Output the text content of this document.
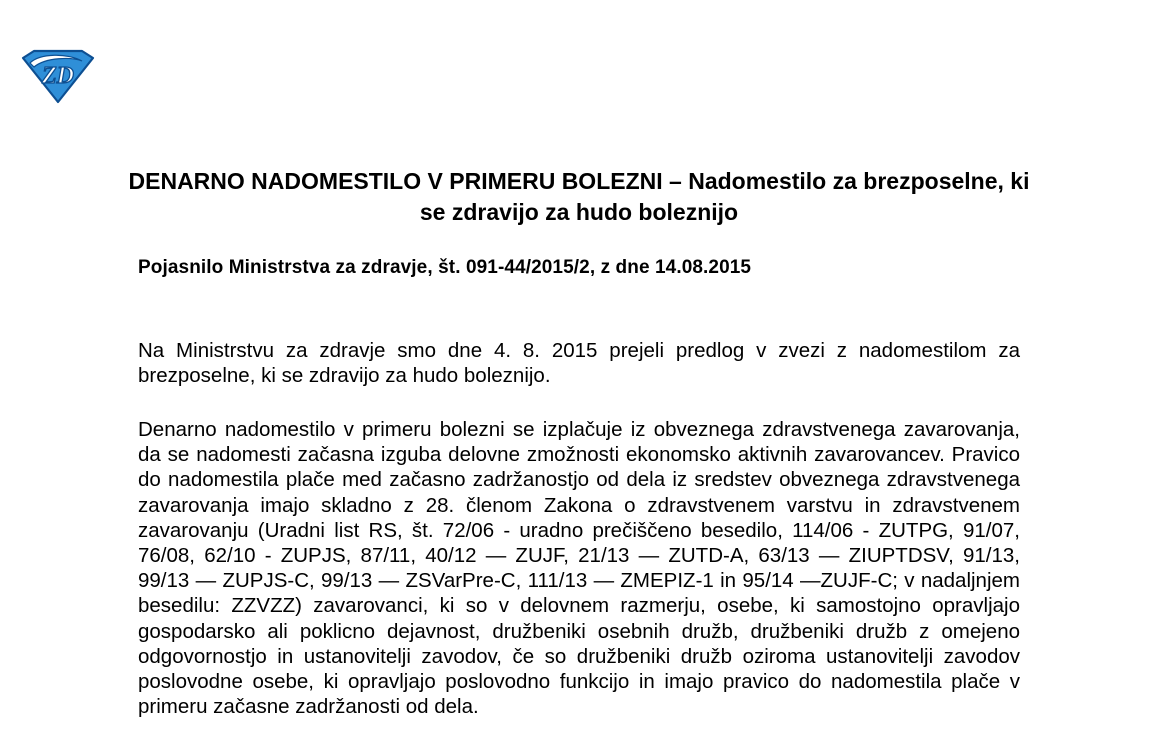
ZD
DENARNO NADOMESTILO V PRIMERU BOLEZNI – Nadomestilo za brezposelne, ki se zdravijo za hudo boleznijo

Pojasnilo Ministrstva za zdravje, št. 091-44/2015/2, z dne 14.08.2015

Na Ministrstvu za zdravje smo dne 4. 8. 2015 prejeli predlog v zvezi z nadomestilom za brezposelne, ki se zdravijo za hudo boleznijo.

Denarno nadomestilo v primeru bolezni se izplačuje iz obveznega zdravstvenega zavarovanja, da se nadomesti začasna izguba delovne zmožnosti ekonomsko aktivnih zavarovancev. Pravico do nadomestila plače med začasno zadržanostjo od dela iz sredstev obveznega zdravstvenega zavarovanja imajo skladno z 28. členom Zakona o zdravstvenem varstvu in zdravstvenem zavarovanju (Uradni list RS, št. 72/06 - uradno prečiščeno besedilo, 114/06 - ZUTPG, 91/07, 76/08, 62/10 - ZUPJS, 87/11, 40/12 — ZUJF, 21/13 — ZUTD-A, 63/13 — ZIUPTDSV, 91/13, 99/13 — ZUPJS-C, 99/13 — ZSVarPre-C, 111/13 — ZMEPIZ-1 in 95/14 —ZUJF-C; v nadaljnjem besedilu: ZZVZZ) zavarovanci, ki so v delovnem razmerju, osebe, ki samostojno opravljajo gospodarsko ali poklicno dejavnost, družbeniki osebnih družb, družbeniki družb z omejeno odgovornostjo in ustanovitelji zavodov, če so družbeniki družb oziroma ustanovitelji zavodov poslovodne osebe, ki opravljajo poslovodno funkcijo in imajo pravico do nadomestila plače v primeru začasne zadržanosti od dela.
